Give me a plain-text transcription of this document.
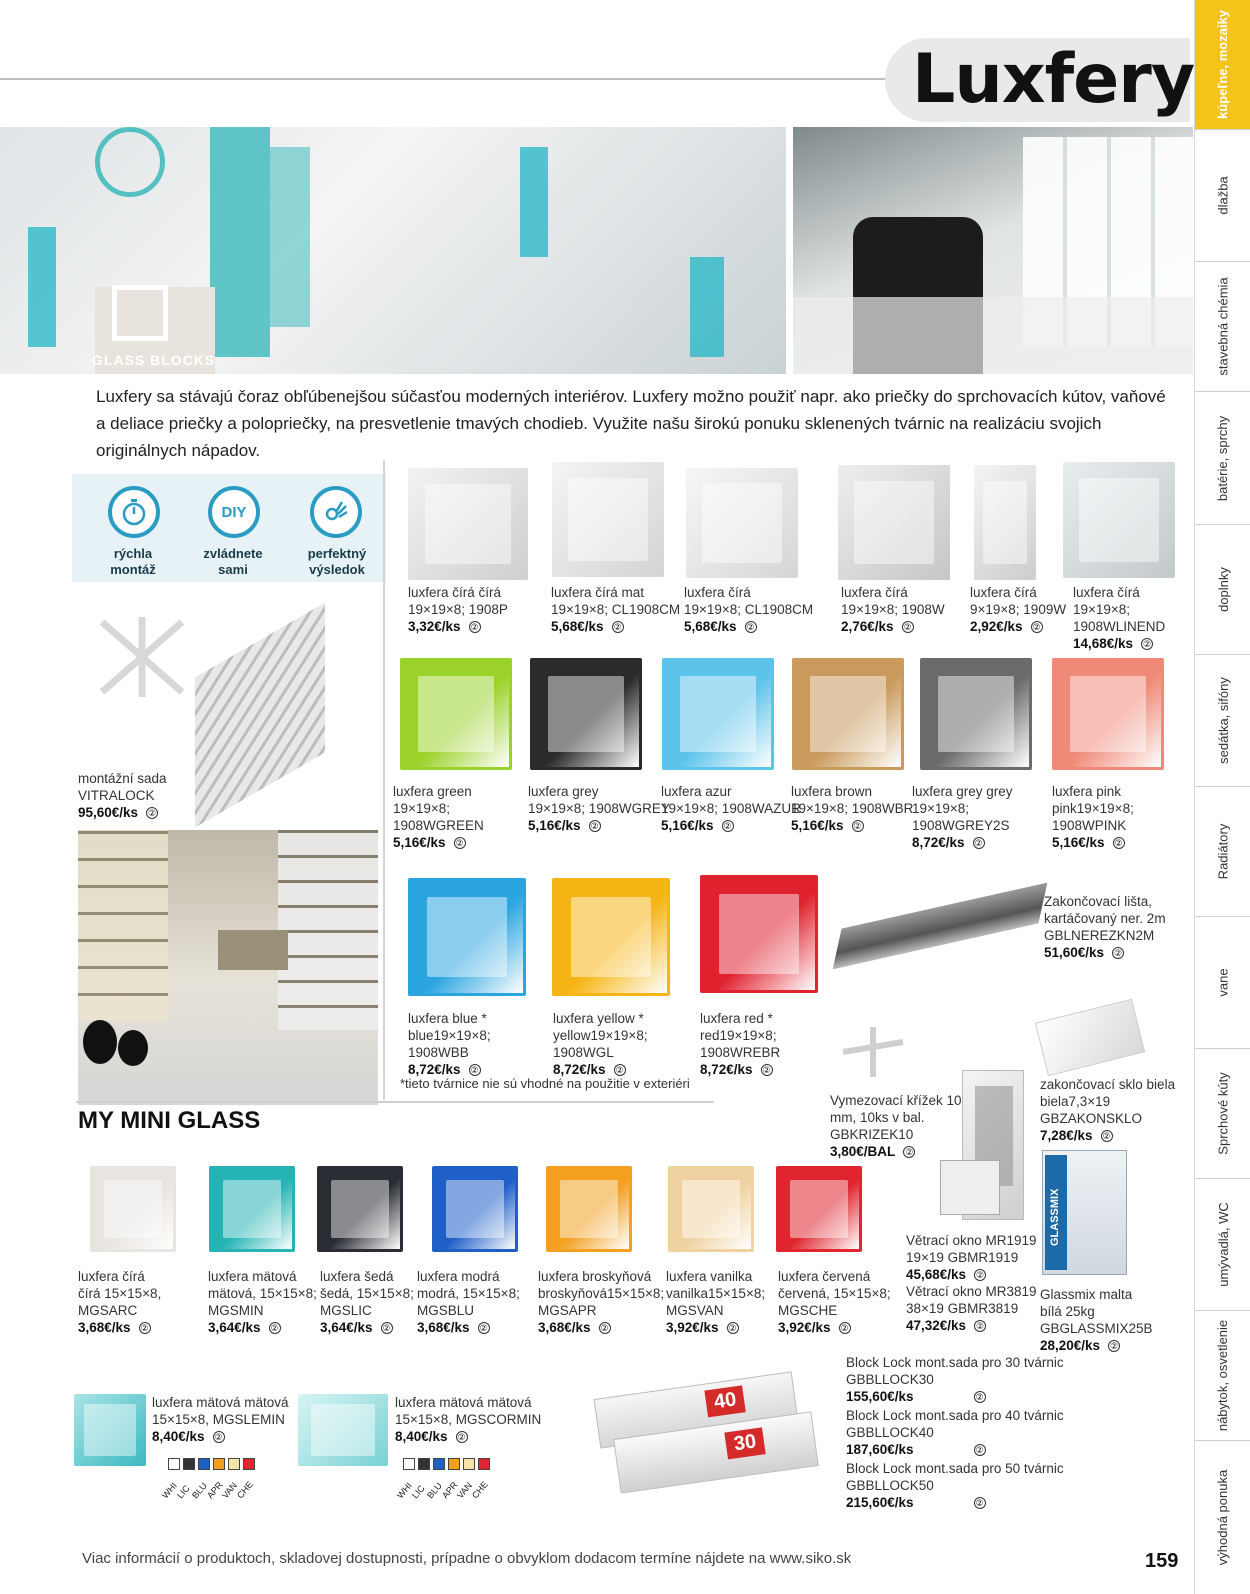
Luxfery kúpeľne, mozaiky
dlažba
stavebná chémia
batérie, sprchy
doplnky
sedátka, sifóny
Radiátory
vane
Sprchové kúty
umývadlá, WC
nábytok, osvetlenie
výhodná ponuka
GLASS BLOCKS
Luxfery sa stávajú čoraz obľúbenejšou súčasťou moderných interiérov. Luxfery možno použiť napr. ako priečky do sprchovacích kútov, vaňové a deliace priečky a polopriečky, na presvetlenie tmavých chodieb. Využite našu širokú ponuku sklenených tvárnic na realizáciu svojich originálnych nápadov.
rýchla
montáž
DIY
zvládnete
sami
perfektný
výsledok
montážní sada
VITRALOCK
95,60€/ks ②
luxfera čírá čírá
19×19×8; 1908P
3,32€/ks ②
luxfera čírá mat
19×19×8; CL1908CM
5,68€/ks ②
luxfera čírá
19×19×8; CL1908CM
5,68€/ks ②
luxfera čírá
19×19×8; 1908W
2,76€/ks ②
luxfera čírá
9×19×8; 1909W
2,92€/ks ②
luxfera čírá
19×19×8;
1908WLINEND
14,68€/ks ②
luxfera green
19×19×8;
1908WGREEN
5,16€/ks ②
luxfera grey
19×19×8; 1908WGREY
5,16€/ks ②
luxfera azur
19×19×8; 1908WAZUR
5,16€/ks ②
luxfera brown
19×19×8; 1908WBR
5,16€/ks ②
luxfera grey grey
19×19×8;
1908WGREY2S
8,72€/ks ②
luxfera pink
pink19×19×8;
1908WPINK
5,16€/ks ②
luxfera blue *
blue19×19×8;
1908WBB
8,72€/ks ②
luxfera yellow *
yellow19×19×8;
1908WGL
8,72€/ks ②
luxfera red *
red19×19×8;
1908WREBR
8,72€/ks ②
Zakončovací lišta,
kartáčovaný ner. 2m
GBLNEREZKN2M
51,60€/ks ②
Vymezovací křížek 10
mm, 10ks v bal.
GBKRIZEK10
3,80€/BAL ②
zakončovací sklo biela
biela7,3×19
GBZAKONSKLO
7,28€/ks ②
Větrací okno MR1919
19×19 GBMR1919
45,68€/ks ②
Větrací okno MR3819
38×19 GBMR3819
47,32€/ks ②
GLASSMIX
Glassmix malta
bílá 25kg
GBGLASSMIX25B
28,20€/ks ②
*tieto tvárnice nie sú vhodné na použitie v exteriéri
MY MINI GLASS
luxfera čírá
čírá 15×15×8,
MGSARC
3,68€/ks ②
luxfera mätová
mätová, 15×15×8;
MGSMIN
3,64€/ks ②
luxfera šedá
šedá, 15×15×8;
MGSLIC
3,64€/ks ②
luxfera modrá
modrá, 15×15×8;
MGSBLU
3,68€/ks ②
luxfera broskyňová
broskyňová15×15×8;
MGSAPR
3,68€/ks ②
luxfera vanilka
vanilka15×15×8;
MGSVAN
3,92€/ks ②
luxfera červená
červená, 15×15×8;
MGSCHE
3,92€/ks ②
luxfera mätová mätová
15×15×8, MGSLEMIN
8,40€/ks ②
WHI
LIC
BLU
APR
VAN
CHE
luxfera mätová mätová
15×15×8, MGSCORMIN
8,40€/ks ②
WHI
LIC
BLU
APR
VAN
CHE
40
30
Block Lock mont.sada pro 30 tvárnic
GBBLLOCK30
155,60€/ks	②
Block Lock mont.sada pro 40 tvárnic
GBBLLOCK40
187,60€/ks	②
Block Lock mont.sada pro 50 tvárnic
GBBLLOCK50
215,60€/ks	②
Viac informácií o produktoch, skladovej dostupnosti, prípadne o obvyklom dodacom termíne nájdete na www.siko.sk	159
